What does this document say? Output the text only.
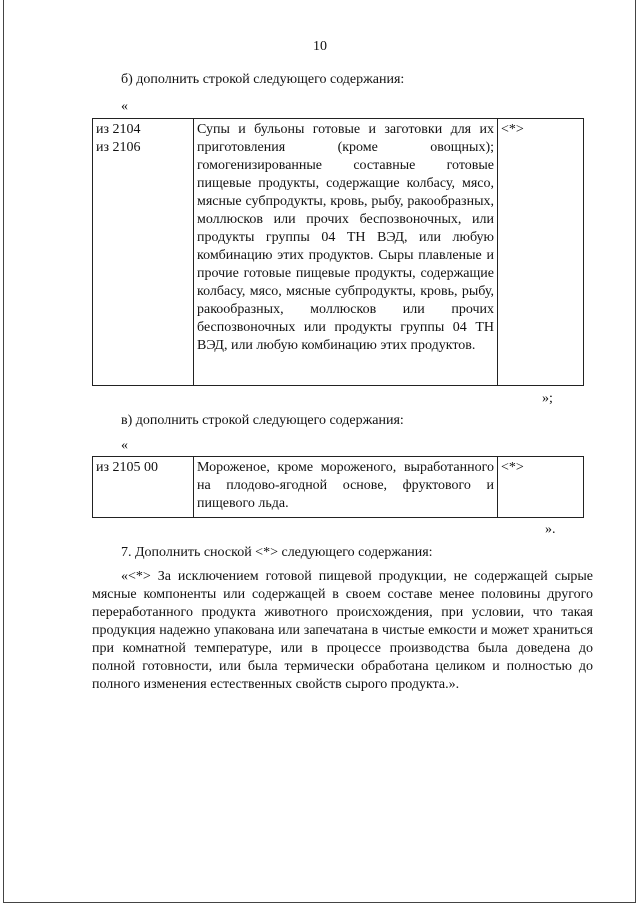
10
б) дополнить строкой следующего содержания:
«
из 2104
из 2106
	Супы и бульоны готовые и заготовки для их приготовления (кроме овощных); гомогенизированные составные готовые пищевые продукты, содержащие колбасу, мясо, мясные субпродукты, кровь, рыбу, ракообразных, моллюсков или прочих беспозвоночных, или продукты группы 04 ТН ВЭД, или любую комбинацию этих продуктов. Сыры плавленые и прочие готовые пищевые продукты, содержащие колбасу, мясо, мясные субпродукты, кровь, рыбу, ракообразных, моллюсков или прочих беспозвоночных или продукты группы 04 ТН ВЭД, или любую комбинацию этих продуктов.	<*>
»;
в) дополнить строкой следующего содержания:
«
из 2105 00	Мороженое, кроме мороженого, выработанного на плодово-ягодной основе, фруктового и пищевого льда.	<*>
».
7. Дополнить сноской <*> следующего содержания:
«<*> За исключением готовой пищевой продукции, не содержащей сырые мясные компоненты или содержащей в своем составе менее половины другого переработанного продукта животного происхождения, при условии, что такая продукция надежно упакована или запечатана в чистые емкости и может храниться при комнатной температуре, или в процессе производства была доведена до полной готовности, или была термически обработана целиком и полностью до полного изменения естественных свойств сырого продукта.».
